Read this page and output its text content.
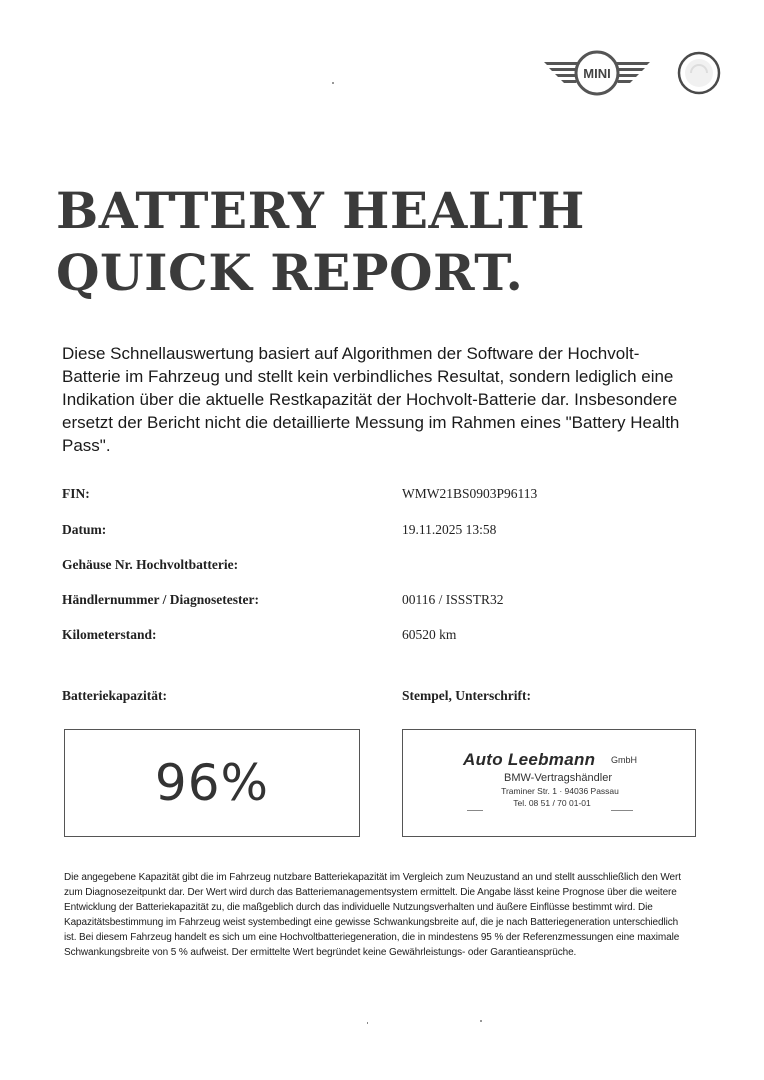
MINI
BATTERY HEALTH
QUICK REPORT.

Diese Schnellauswertung basiert auf Algorithmen der Software der Hochvolt-Batterie im Fahrzeug und stellt kein verbindliches Resultat, sondern lediglich eine Indikation über die aktuelle Restkapazität der Hochvolt-Batterie dar. Insbesondere ersetzt der Bericht nicht die detaillierte Messung im Rahmen eines "Battery Health Pass".

FIN:	WMW21BS0903P96113

Datum:	19.11.2025 13:58

Gehäuse Nr. Hochvoltbatterie:

Händlernummer / Diagnosetester:	00116 / ISSSTR32

Kilometerstand:	60520 km

Batteriekapazität:	Stempel, Unterschrift:

96%	Auto Leebmann GmbH
BMW-Vertragshändler
Traminer Str. 1 · 94036 Passau
Tel. 08 51 / 70 01-01

Die angegebene Kapazität gibt die im Fahrzeug nutzbare Batteriekapazität im Vergleich zum Neuzustand an und stellt ausschließlich den Wert zum Diagnosezeitpunkt dar. Der Wert wird durch das Batteriemanagementsystem ermittelt. Die Angabe lässt keine Prognose über die weitere Entwicklung der Batteriekapazität zu, die maßgeblich durch das individuelle Nutzungsverhalten und äußere Einflüsse bestimmt wird. Die Kapazitätsbestimmung im Fahrzeug weist systembedingt eine gewisse Schwankungsbreite auf, die je nach Batteriegeneration unterschiedlich ist. Bei diesem Fahrzeug handelt es sich um eine Hochvoltbatteriegeneration, die in mindestens 95 % der Referenzmessungen eine maximale Schwankungsbreite von 5 % aufweist. Der ermittelte Wert begründet keine Gewährleistungs- oder Garantieansprüche.
